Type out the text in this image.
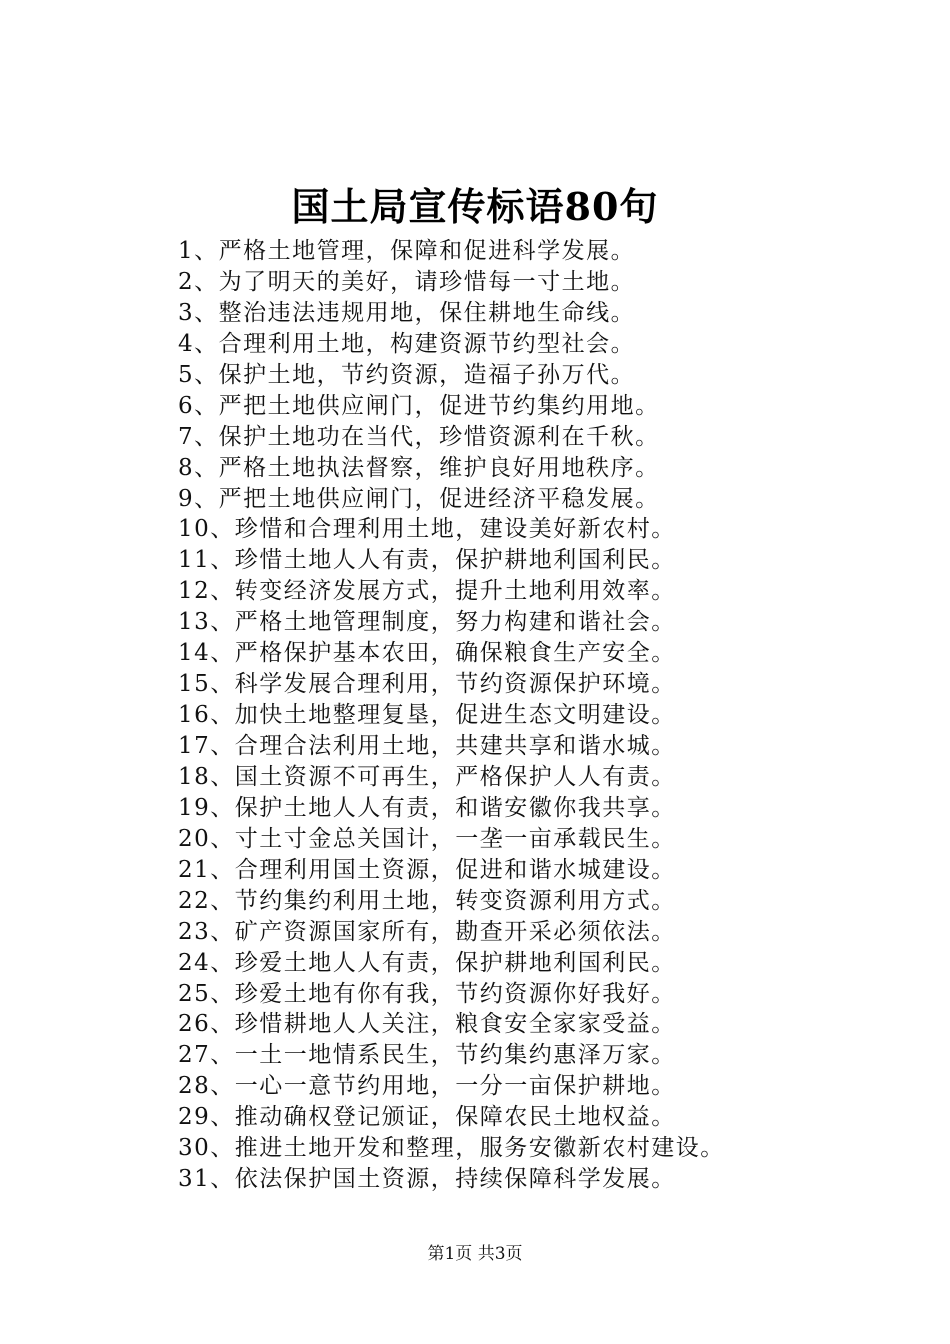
国土局宣传标语80句
1、严格土地管理，保障和促进科学发展。
2、为了明天的美好，请珍惜每一寸土地。
3、整治违法违规用地，保住耕地生命线。
4、合理利用土地，构建资源节约型社会。
5、保护土地，节约资源，造福子孙万代。
6、严把土地供应闸门，促进节约集约用地。
7、保护土地功在当代，珍惜资源利在千秋。
8、严格土地执法督察，维护良好用地秩序。
9、严把土地供应闸门，促进经济平稳发展。
10、珍惜和合理利用土地，建设美好新农村。
11、珍惜土地人人有责，保护耕地利国利民。
12、转变经济发展方式，提升土地利用效率。
13、严格土地管理制度，努力构建和谐社会。
14、严格保护基本农田，确保粮食生产安全。
15、科学发展合理利用，节约资源保护环境。
16、加快土地整理复垦，促进生态文明建设。
17、合理合法利用土地，共建共享和谐水城。
18、国土资源不可再生，严格保护人人有责。
19、保护土地人人有责，和谐安徽你我共享。
20、寸土寸金总关国计，一垄一亩承载民生。
21、合理利用国土资源，促进和谐水城建设。
22、节约集约利用土地，转变资源利用方式。
23、矿产资源国家所有，勘查开采必须依法。
24、珍爱土地人人有责，保护耕地利国利民。
25、珍爱土地有你有我，节约资源你好我好。
26、珍惜耕地人人关注，粮食安全家家受益。
27、一土一地情系民生，节约集约惠泽万家。
28、一心一意节约用地，一分一亩保护耕地。
29、推动确权登记颁证，保障农民土地权益。
30、推进土地开发和整理，服务安徽新农村建设。
31、依法保护国土资源，持续保障科学发展。
第1页 共3页
